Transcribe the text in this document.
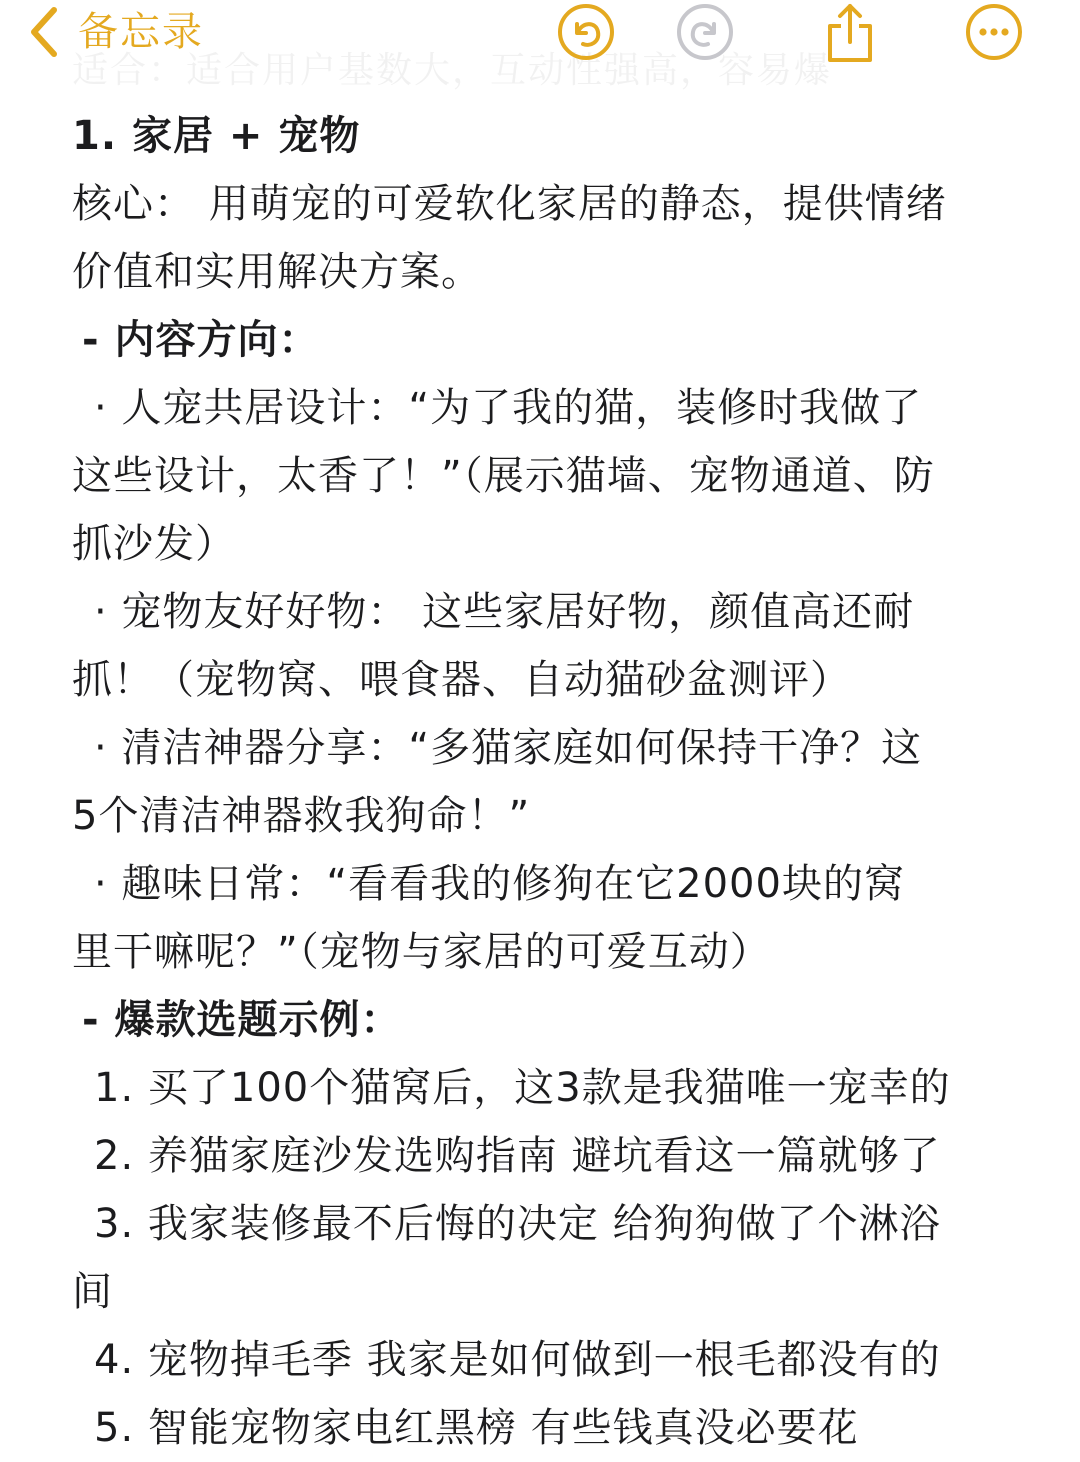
适合：适合用户基数大，互动性强高，容易爆
备忘录
1. 家居 + 宠物
核心： 用萌宠的可爱软化家居的静态，提供情绪
价值和实用解决方案。
- 内容方向：
· 人宠共居设计：“为了我的猫，装修时我做了
这些设计，太香了！”（展示猫墙、宠物通道、防
抓沙发）
· 宠物友好好物： 这些家居好物，颜值高还耐
抓！（宠物窝、喂食器、自动猫砂盆测评）
· 清洁神器分享：“多猫家庭如何保持干净？这
5个清洁神器救我狗命！”
· 趣味日常：“看看我的修狗在它2000块的窝
里干嘛呢？”（宠物与家居的可爱互动）
- 爆款选题示例：
1. 买了100个猫窝后，这3款是我猫唯一宠幸的
2. 养猫家庭沙发选购指南 避坑看这一篇就够了
3. 我家装修最不后悔的决定 给狗狗做了个淋浴
间
4. 宠物掉毛季 我家是如何做到一根毛都没有的
5. 智能宠物家电红黑榜 有些钱真没必要花
